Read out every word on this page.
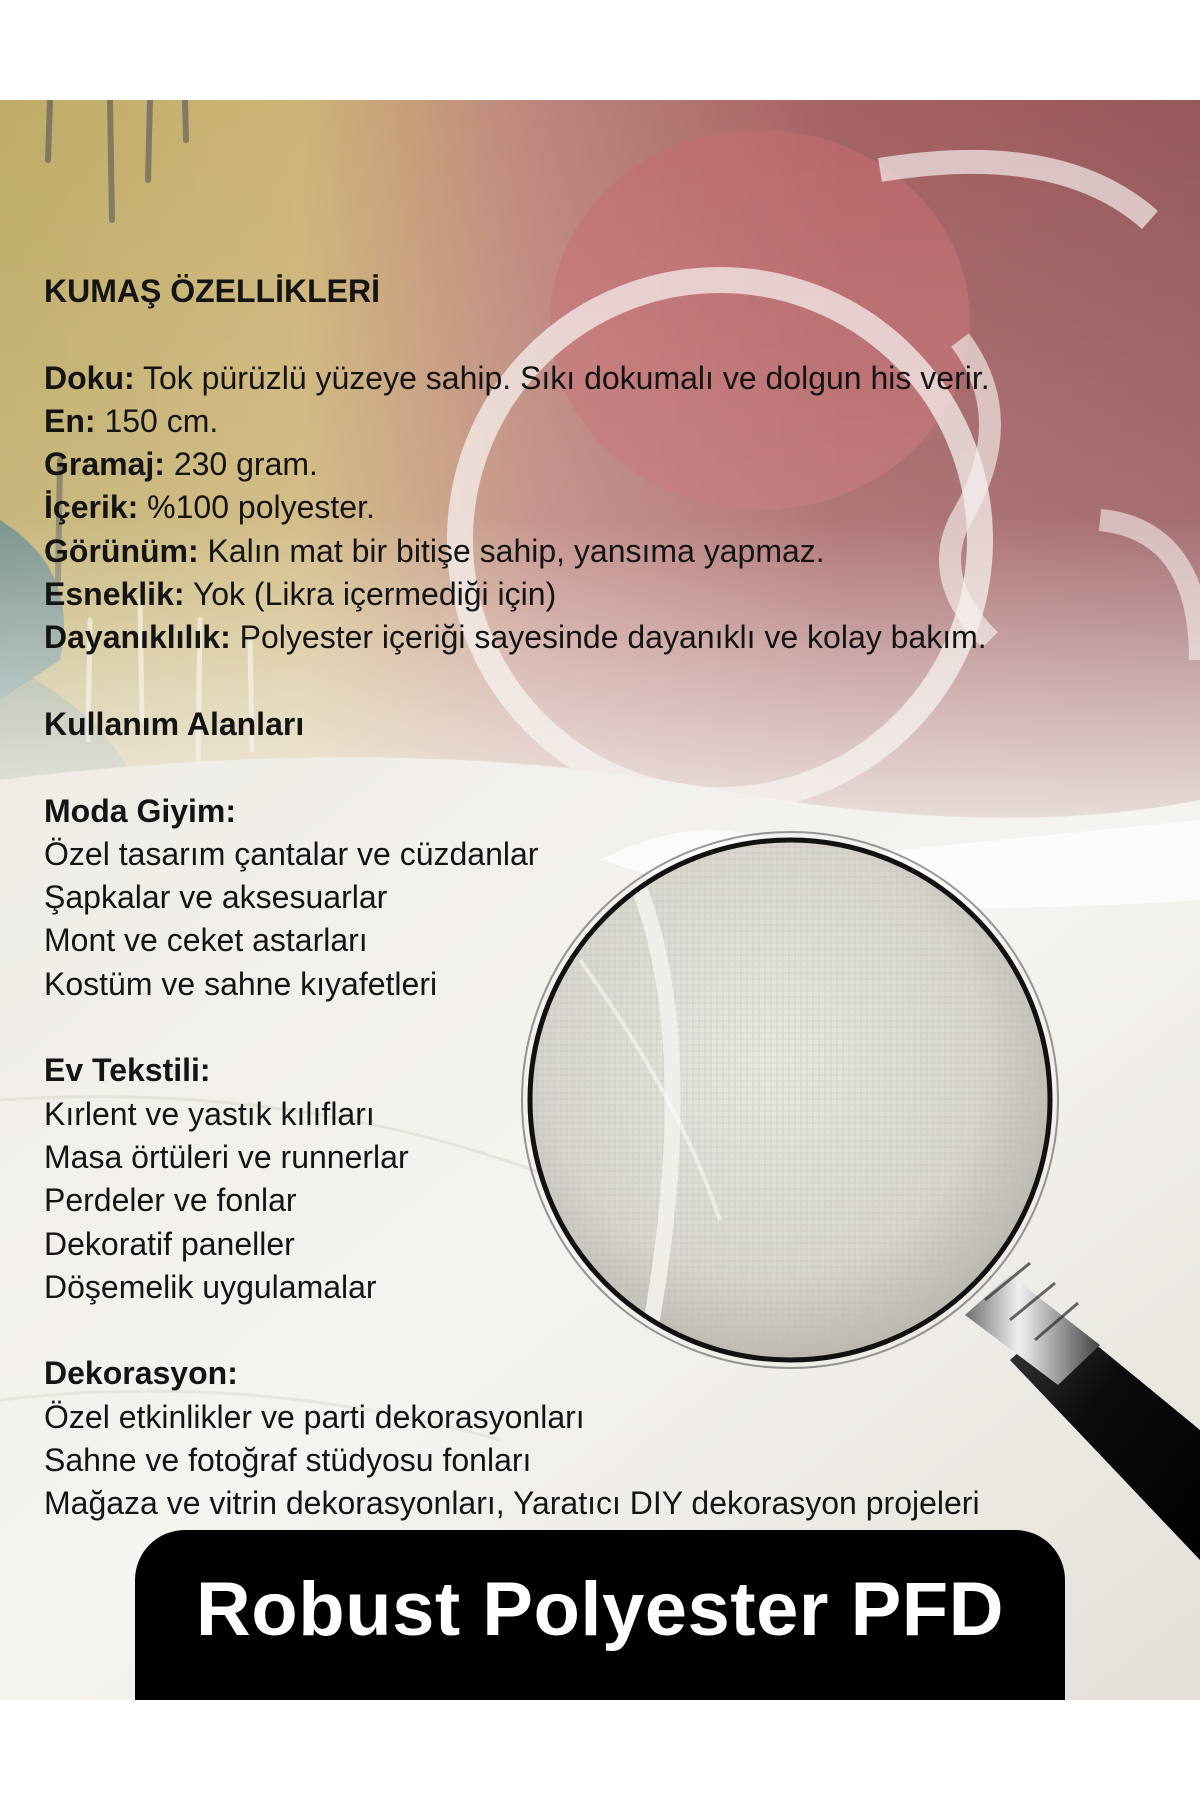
KUMAŞ ÖZELLİKLERİ
Doku: Tok pürüzlü yüzeye sahip. Sıkı dokumalı ve dolgun his verir.
En: 150 cm.
Gramaj: 230 gram.
İçerik: %100 polyester.
Görünüm: Kalın mat bir bitişe sahip, yansıma yapmaz.
Esneklik: Yok (Likra içermediği için)
Dayanıklılık: Polyester içeriği sayesinde dayanıklı ve kolay bakım.
Kullanım Alanları
Moda Giyim:
Özel tasarım çantalar ve cüzdanlar
Şapkalar ve aksesuarlar
Mont ve ceket astarları
Kostüm ve sahne kıyafetleri
Ev Tekstili:
Kırlent ve yastık kılıfları
Masa örtüleri ve runnerlar
Perdeler ve fonlar
Dekoratif paneller
Döşemelik uygulamalar
Dekorasyon:
Özel etkinlikler ve parti dekorasyonları
Sahne ve fotoğraf stüdyosu fonları
Mağaza ve vitrin dekorasyonları, Yaratıcı DIY dekorasyon projeleri
Robust Polyester PFD
